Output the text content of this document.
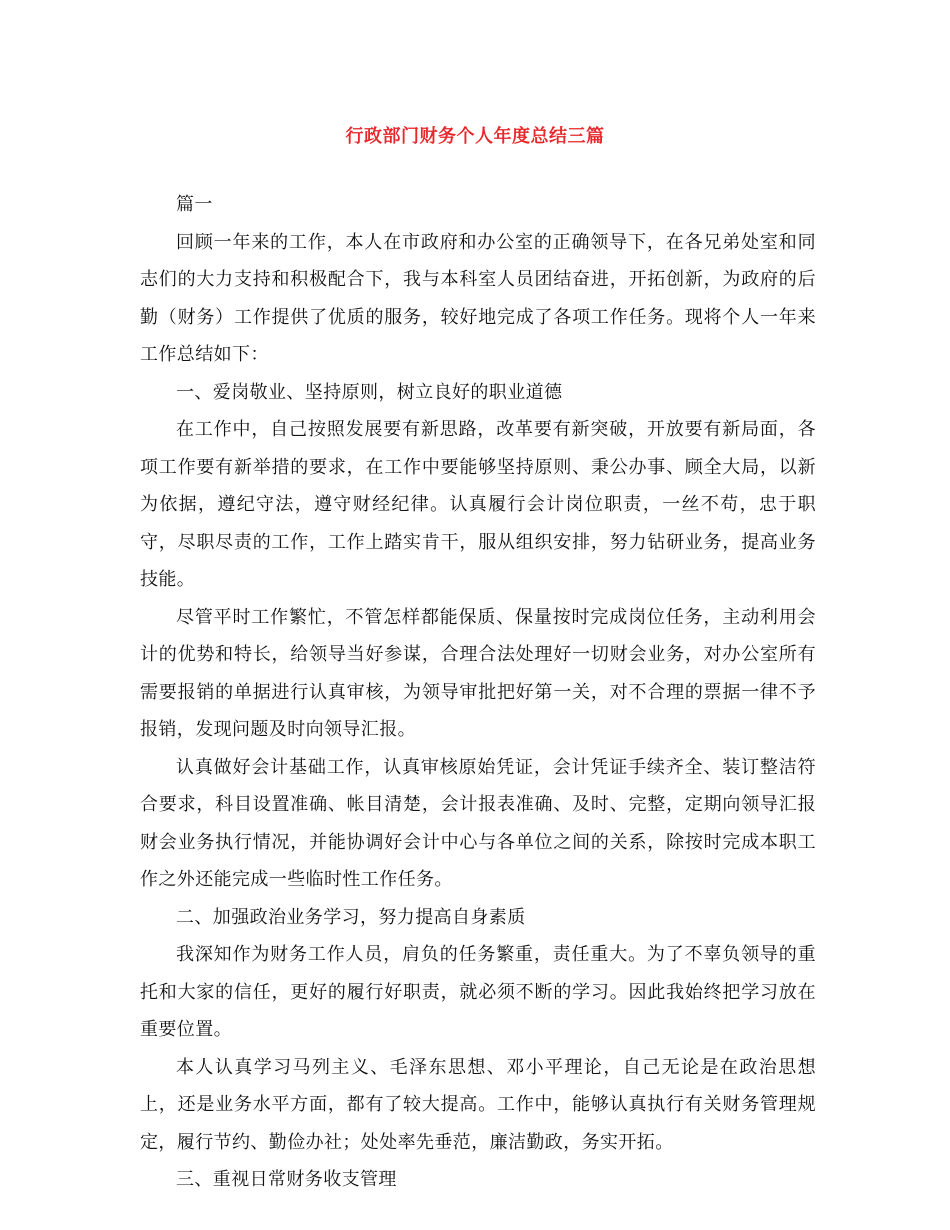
行政部门财务个人年度总结三篇

篇一

回顾一年来的工作，本人在市政府和办公室的正确领导下，在各兄弟处室和同志们的大力支持和积极配合下，我与本科室人员团结奋进，开拓创新，为政府的后勤（财务）工作提供了优质的服务，较好地完成了各项工作任务。现将个人一年来工作总结如下：

一、爱岗敬业、坚持原则，树立良好的职业道德

在工作中，自己按照发展要有新思路，改革要有新突破，开放要有新局面，各项工作要有新举措的要求，在工作中要能够坚持原则、秉公办事、顾全大局，以新为依据，遵纪守法，遵守财经纪律。认真履行会计岗位职责，一丝不苟，忠于职守，尽职尽责的工作，工作上踏实肯干，服从组织安排，努力钻研业务，提高业务技能。

尽管平时工作繁忙，不管怎样都能保质、保量按时完成岗位任务，主动利用会计的优势和特长，给领导当好参谋，合理合法处理好一切财会业务，对办公室所有需要报销的单据进行认真审核，为领导审批把好第一关，对不合理的票据一律不予报销，发现问题及时向领导汇报。

认真做好会计基础工作，认真审核原始凭证，会计凭证手续齐全、装订整洁符合要求，科目设置准确、帐目清楚，会计报表准确、及时、完整，定期向领导汇报财会业务执行情况，并能协调好会计中心与各单位之间的关系，除按时完成本职工作之外还能完成一些临时性工作任务。

二、加强政治业务学习，努力提高自身素质

我深知作为财务工作人员，肩负的任务繁重，责任重大。为了不辜负领导的重托和大家的信任，更好的履行好职责，就必须不断的学习。因此我始终把学习放在重要位置。

本人认真学习马列主义、毛泽东思想、邓小平理论，自己无论是在政治思想上，还是业务水平方面，都有了较大提高。工作中，能够认真执行有关财务管理规定，履行节约、勤俭办社；处处率先垂范，廉洁勤政，务实开拓。

三、重视日常财务收支管理
